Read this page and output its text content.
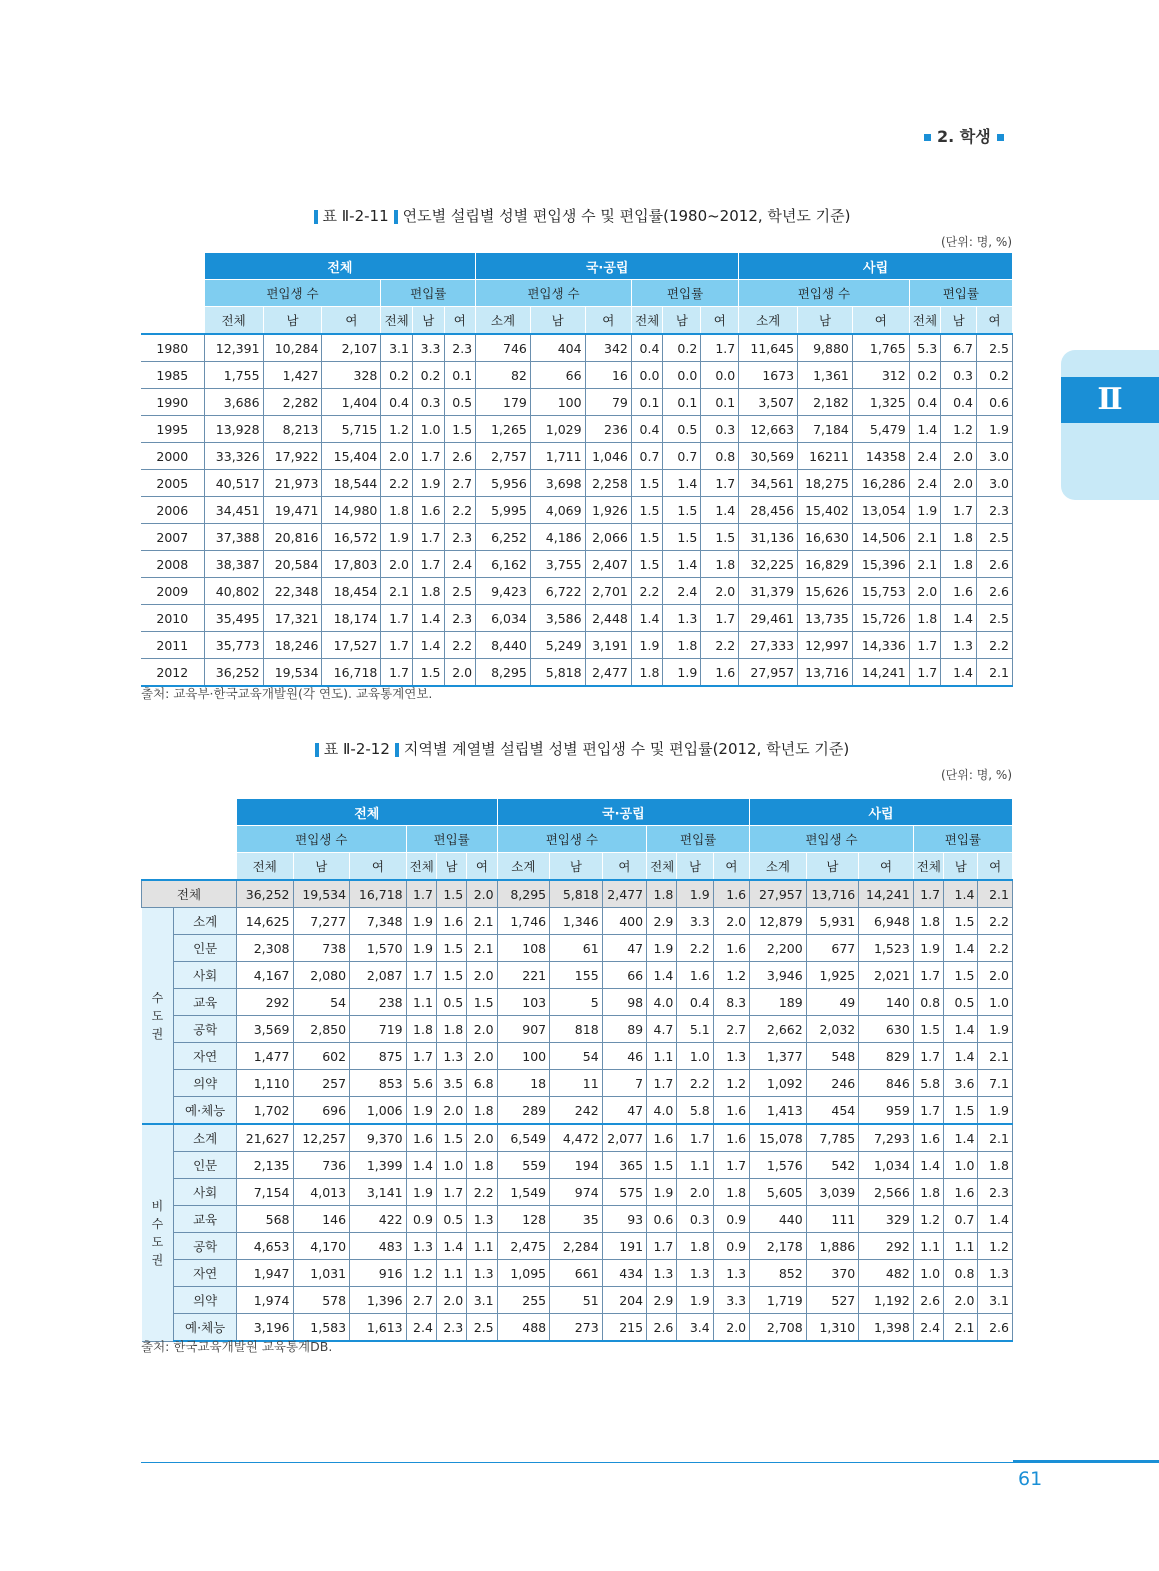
2. 학생
Ⅱ
표 Ⅱ-2-11 연도별 설립별 성별 편입생 수 및 편입률(1980~2012, 학년도 기준)
(단위: 명, %)
	전체						국·공립						사립					
	편입생 수			편입률			편입생 수			편입률			편입생 수			편입률		
	전체	남	여	전체	남	여	소계	남	여	전체	남	여	소계	남	여	전체	남	여
1980	12,391	10,284	2,107	3.1	3.3	2.3	746	404	342	0.4	0.2	1.7	11,645	9,880	1,765	5.3	6.7	2.5
1985	1,755	1,427	328	0.2	0.2	0.1	82	66	16	0.0	0.0	0.0	1673	1,361	312	0.2	0.3	0.2
1990	3,686	2,282	1,404	0.4	0.3	0.5	179	100	79	0.1	0.1	0.1	3,507	2,182	1,325	0.4	0.4	0.6
1995	13,928	8,213	5,715	1.2	1.0	1.5	1,265	1,029	236	0.4	0.5	0.3	12,663	7,184	5,479	1.4	1.2	1.9
2000	33,326	17,922	15,404	2.0	1.7	2.6	2,757	1,711	1,046	0.7	0.7	0.8	30,569	16211	14358	2.4	2.0	3.0
2005	40,517	21,973	18,544	2.2	1.9	2.7	5,956	3,698	2,258	1.5	1.4	1.7	34,561	18,275	16,286	2.4	2.0	3.0
2006	34,451	19,471	14,980	1.8	1.6	2.2	5,995	4,069	1,926	1.5	1.5	1.4	28,456	15,402	13,054	1.9	1.7	2.3
2007	37,388	20,816	16,572	1.9	1.7	2.3	6,252	4,186	2,066	1.5	1.5	1.5	31,136	16,630	14,506	2.1	1.8	2.5
2008	38,387	20,584	17,803	2.0	1.7	2.4	6,162	3,755	2,407	1.5	1.4	1.8	32,225	16,829	15,396	2.1	1.8	2.6
2009	40,802	22,348	18,454	2.1	1.8	2.5	9,423	6,722	2,701	2.2	2.4	2.0	31,379	15,626	15,753	2.0	1.6	2.6
2010	35,495	17,321	18,174	1.7	1.4	2.3	6,034	3,586	2,448	1.4	1.3	1.7	29,461	13,735	15,726	1.8	1.4	2.5
2011	35,773	18,246	17,527	1.7	1.4	2.2	8,440	5,249	3,191	1.9	1.8	2.2	27,333	12,997	14,336	1.7	1.3	2.2
2012	36,252	19,534	16,718	1.7	1.5	2.0	8,295	5,818	2,477	1.8	1.9	1.6	27,957	13,716	14,241	1.7	1.4	2.1
출처: 교육부·한국교육개발원(각 연도). 교육통계연보.
표 Ⅱ-2-12 지역별 계열별 설립별 성별 편입생 수 및 편입률(2012, 학년도 기준)
(단위: 명, %)
		전체						국·공립						사립					
		편입생 수			편입률			편입생 수			편입률			편입생 수			편입률		
		전체	남	여	전체	남	여	소계	남	여	전체	남	여	소계	남	여	전체	남	여
전체		36,252	19,534	16,718	1.7	1.5	2.0	8,295	5,818	2,477	1.8	1.9	1.6	27,957	13,716	14,241	1.7	1.4	2.1
수
도
권	소계	14,625	7,277	7,348	1.9	1.6	2.1	1,746	1,346	400	2.9	3.3	2.0	12,879	5,931	6,948	1.8	1.5	2.2
	인문	2,308	738	1,570	1.9	1.5	2.1	108	61	47	1.9	2.2	1.6	2,200	677	1,523	1.9	1.4	2.2
	사회	4,167	2,080	2,087	1.7	1.5	2.0	221	155	66	1.4	1.6	1.2	3,946	1,925	2,021	1.7	1.5	2.0
	교육	292	54	238	1.1	0.5	1.5	103	5	98	4.0	0.4	8.3	189	49	140	0.8	0.5	1.0
	공학	3,569	2,850	719	1.8	1.8	2.0	907	818	89	4.7	5.1	2.7	2,662	2,032	630	1.5	1.4	1.9
	자연	1,477	602	875	1.7	1.3	2.0	100	54	46	1.1	1.0	1.3	1,377	548	829	1.7	1.4	2.1
	의약	1,110	257	853	5.6	3.5	6.8	18	11	7	1.7	2.2	1.2	1,092	246	846	5.8	3.6	7.1
	예·체능	1,702	696	1,006	1.9	2.0	1.8	289	242	47	4.0	5.8	1.6	1,413	454	959	1.7	1.5	1.9
비
수
도
권	소계	21,627	12,257	9,370	1.6	1.5	2.0	6,549	4,472	2,077	1.6	1.7	1.6	15,078	7,785	7,293	1.6	1.4	2.1
	인문	2,135	736	1,399	1.4	1.0	1.8	559	194	365	1.5	1.1	1.7	1,576	542	1,034	1.4	1.0	1.8
	사회	7,154	4,013	3,141	1.9	1.7	2.2	1,549	974	575	1.9	2.0	1.8	5,605	3,039	2,566	1.8	1.6	2.3
	교육	568	146	422	0.9	0.5	1.3	128	35	93	0.6	0.3	0.9	440	111	329	1.2	0.7	1.4
	공학	4,653	4,170	483	1.3	1.4	1.1	2,475	2,284	191	1.7	1.8	0.9	2,178	1,886	292	1.1	1.1	1.2
	자연	1,947	1,031	916	1.2	1.1	1.3	1,095	661	434	1.3	1.3	1.3	852	370	482	1.0	0.8	1.3
	의약	1,974	578	1,396	2.7	2.0	3.1	255	51	204	2.9	1.9	3.3	1,719	527	1,192	2.6	2.0	3.1
	예·체능	3,196	1,583	1,613	2.4	2.3	2.5	488	273	215	2.6	3.4	2.0	2,708	1,310	1,398	2.4	2.1	2.6
출처: 한국교육개발원 교육통계DB.
61
